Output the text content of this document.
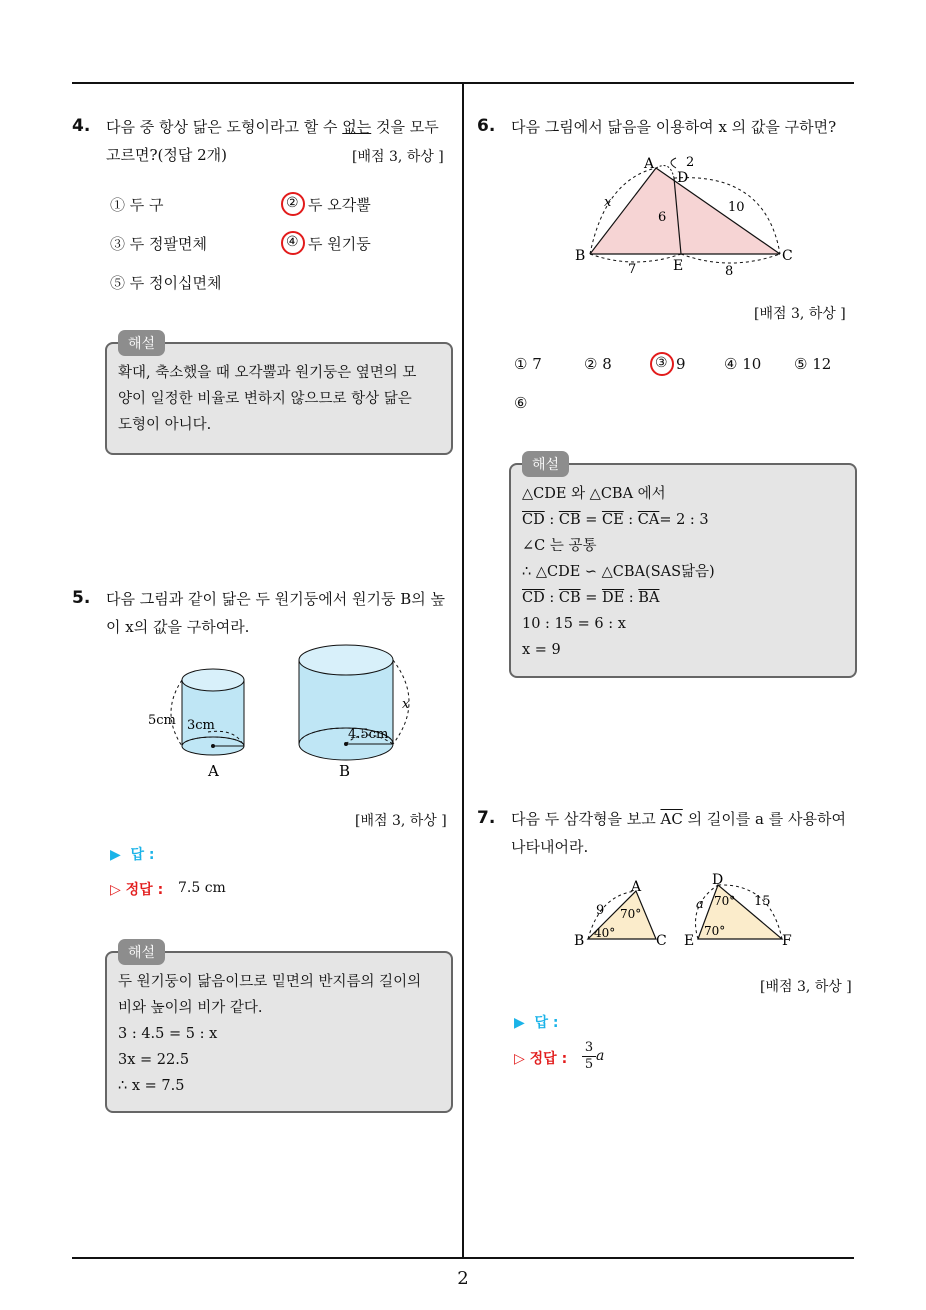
2
4. 다음 중 항상 닮은 도형이라고 할 수 없는 것을 모두
고르면?(정답 2개)	[배점 3, 하상 ]
① 두 구	② 두 오각뿔
③ 두 정팔면체	④ 두 원기둥
⑤ 두 정이십면체
해설
확대, 축소했을 때 오각뿔과 원기둥은 옆면의 모
양이 일정한 비율로 변하지 않으므로 항상 닮은
도형이 아니다.
5. 다음 그림과 같이 닮은 두 원기둥에서 원기둥 B의 높
이 x의 값을 구하여라.
5cm 3cm
A
4.5cm
x
B
[배점 3, 하상 ]
▶  답 :
▷ 정답 : 7.5 cm
해설
두 원기둥이 닮음이므로 밑면의 반지름의 길이의
비와 높이의 비가 같다.
3 : 4.5 = 5 : x
3x = 22.5
∴ x = 7.5
6. 다음 그림에서 닮음을 이용하여 x 의 값을 구하면?
A
D
B	C
E
2
6
10
7	8
x
[배점 3, 하상 ]
① 7	② 8	③ 9	④ 10 ⑤ 12
⑥
해설
△CDE 와 △CBA 에서
$\overline{CD}$ : $\overline{CB} = \overline{CE}$ : $\overline{CA}= 2$ : 3
∠C 는 공통
∴ △CDE ∽ △CBA(SAS닮음)
$\overline{CD}$ : $\overline{CB} = \overline{DE}$ : $\overline{BA}$
10 : 15 = 6 : x
x = 9
7. 다음 두 삼각형을 보고 $\overline{AC}$ 의 길이를 a 를 사용하여
나타내어라.
A
B	C
9 70°
40°
D
E	F
a	15
70°
70°
[배점 3, 하상 ]
▶  답 :
▷ 정답 : $\frac{3}{5}$ a
